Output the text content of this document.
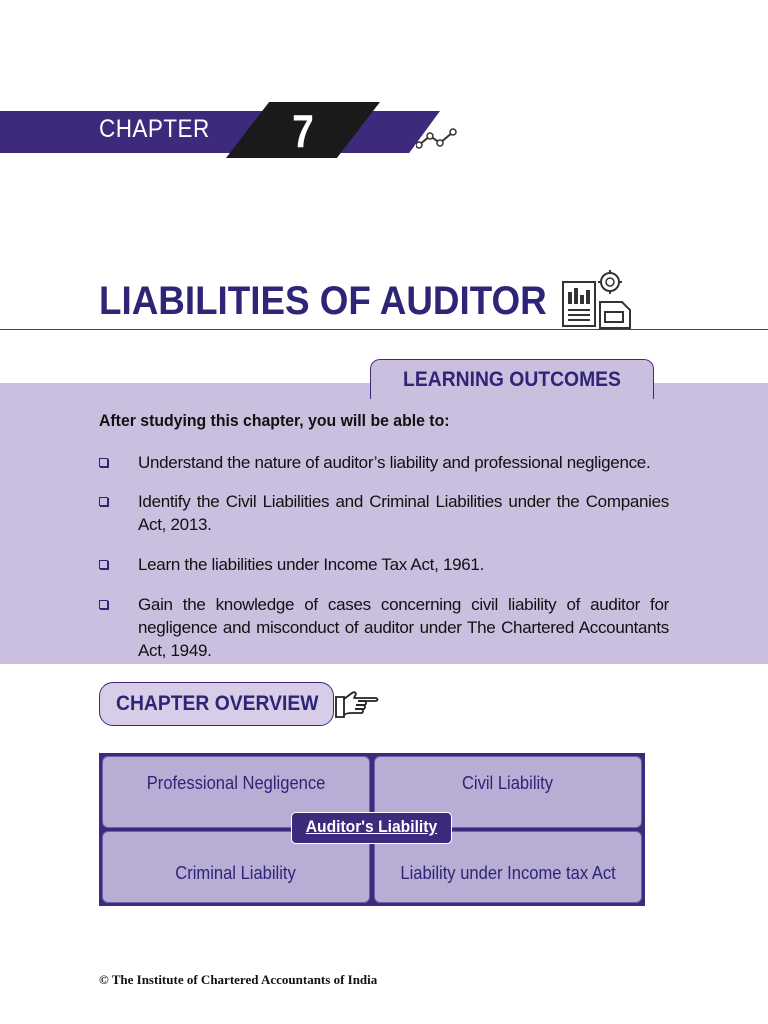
CHAPTER 7
LIABILITIES OF AUDITOR
LEARNING OUTCOMES
After studying this chapter, you will be able to:
Understand the nature of auditor’s liability and professional negligence.
Identify the Civil Liabilities and Criminal Liabilities under the Companies Act, 2013.
Learn the liabilities under Income Tax Act, 1961.
Gain the knowledge of cases concerning civil liability of auditor for negligence and misconduct of auditor under The Chartered Accountants Act, 1949.
CHAPTER OVERVIEW
Professional Negligence	Civil Liability
Criminal Liability	Liability under Income tax Act
Auditor's Liability
© The Institute of Chartered Accountants of India
